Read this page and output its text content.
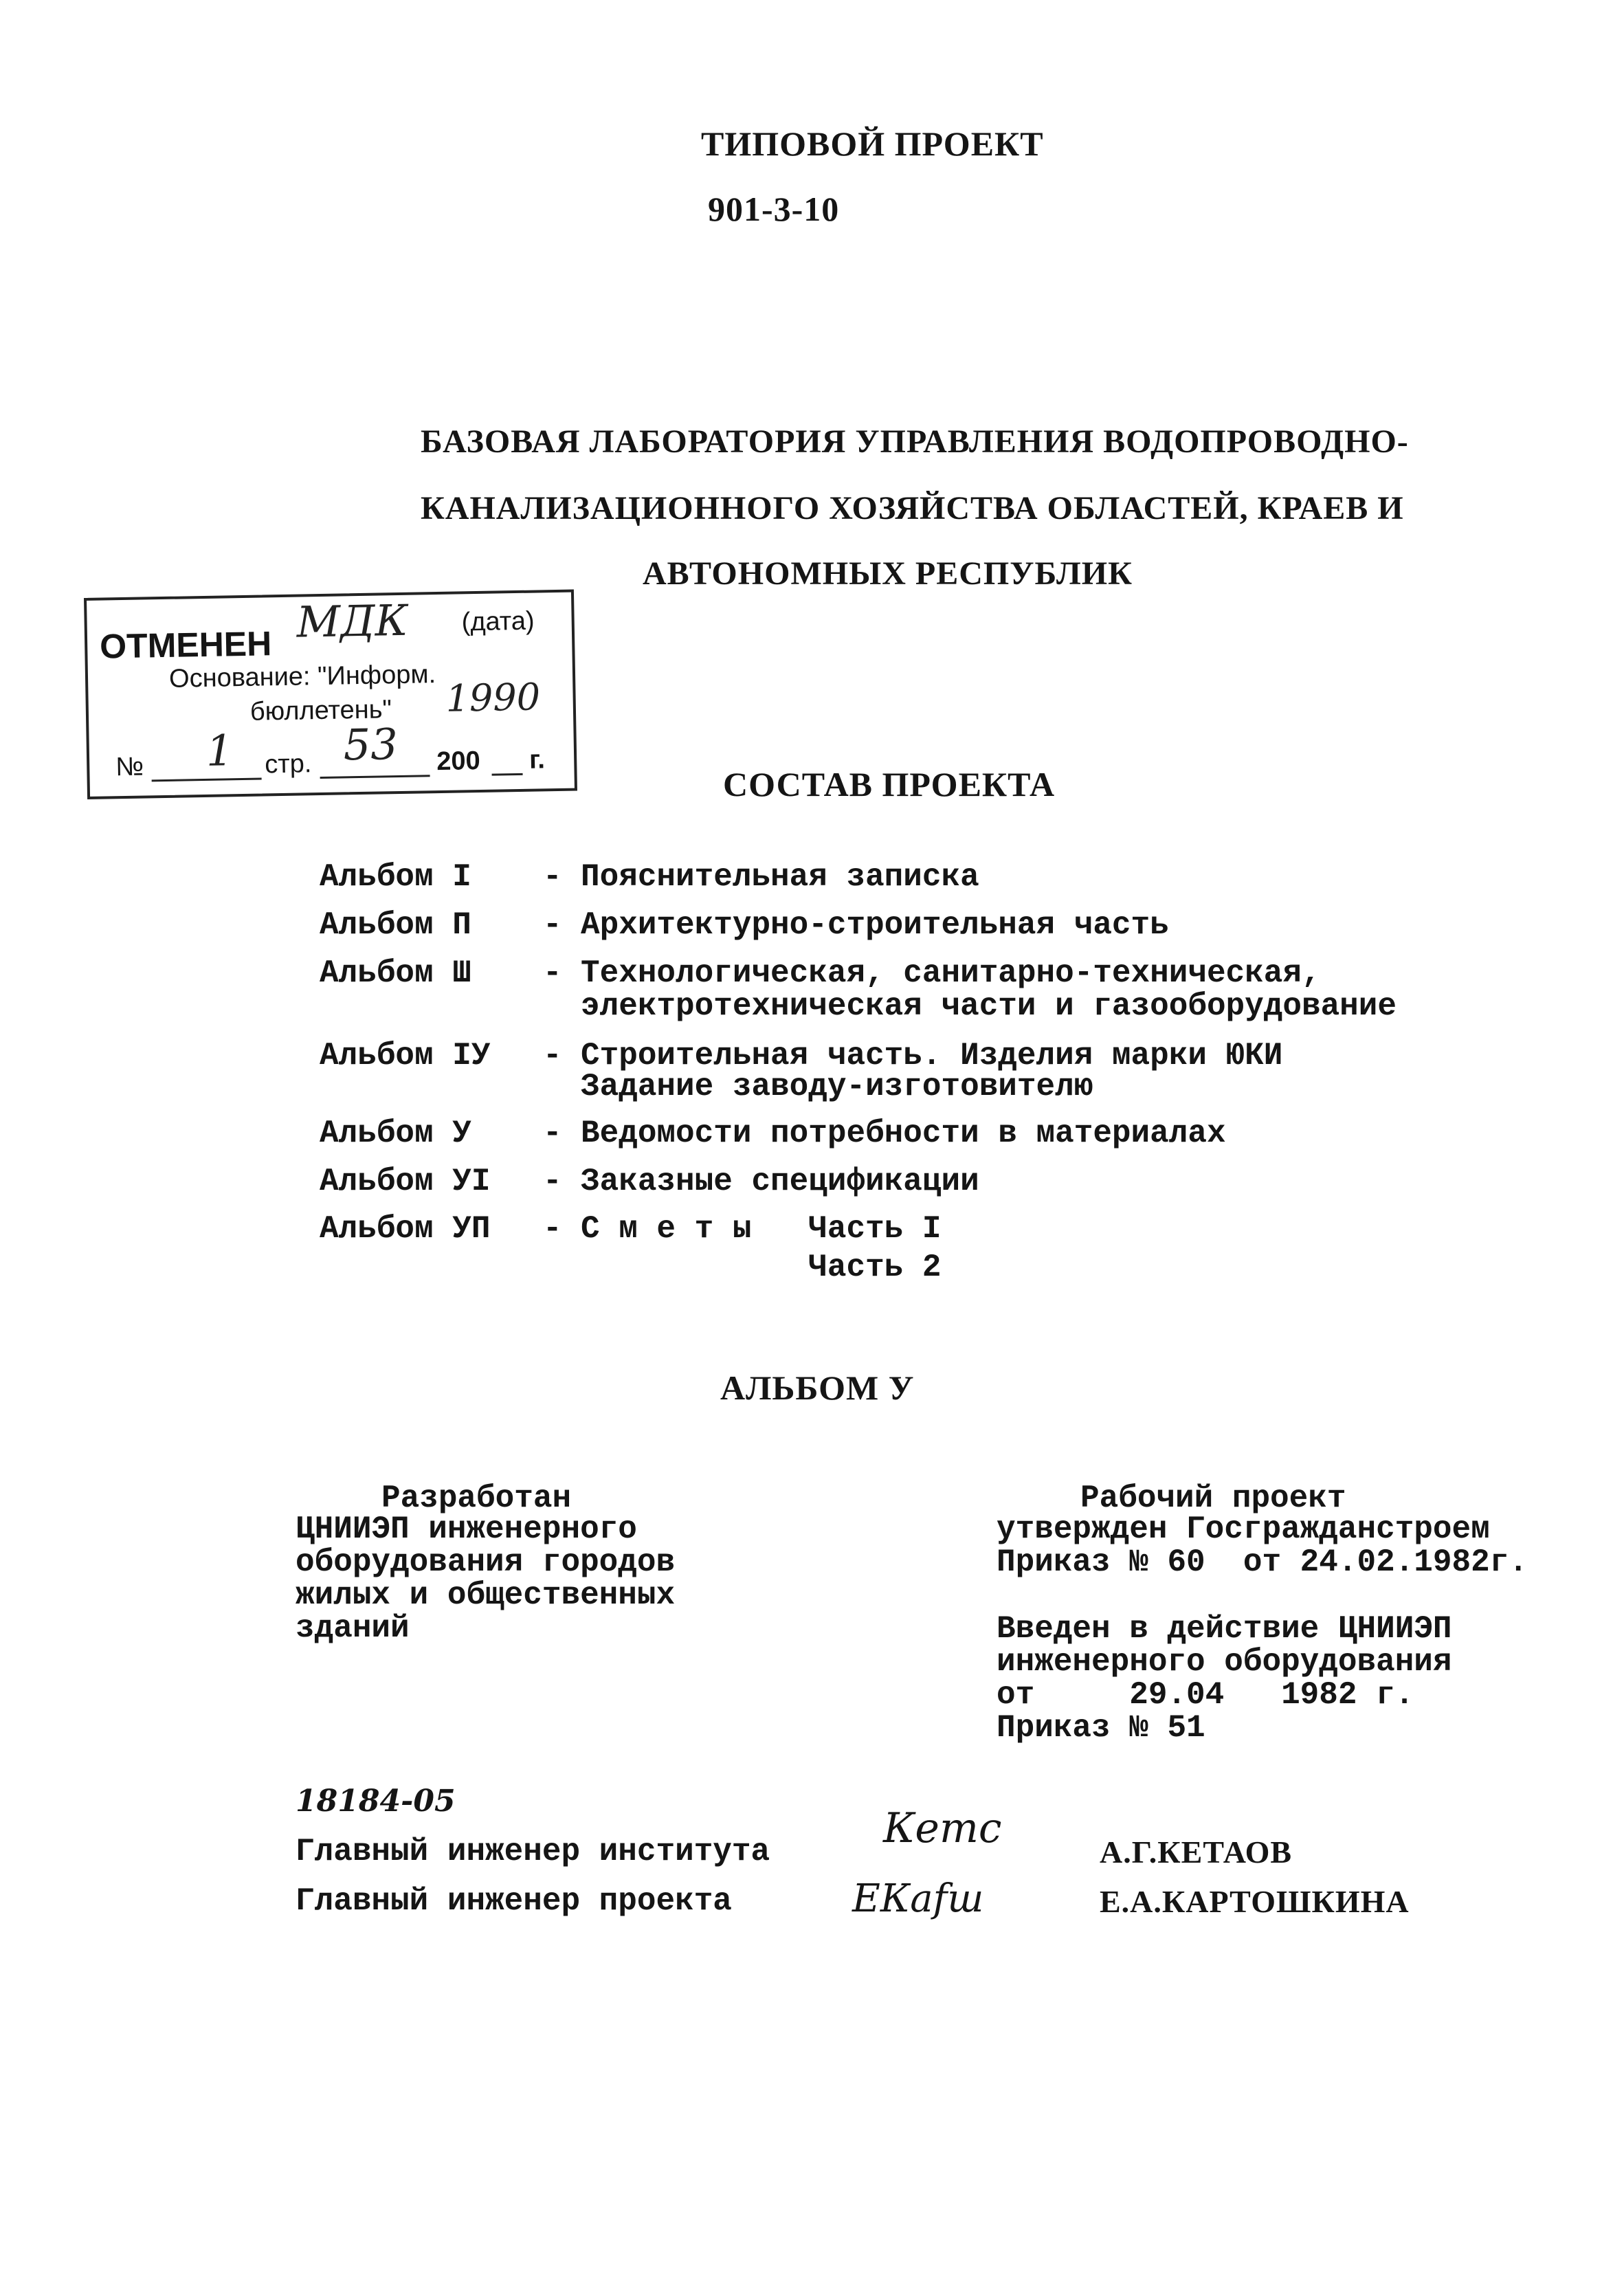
ТИПОВОЙ ПРОЕКТ
901-3-10
БАЗОВАЯ ЛАБОРАТОРИЯ УПРАВЛЕНИЯ ВОДОПРОВОДНО-
КАНАЛИЗАЦИОННОГО ХОЗЯЙСТВА ОБЛАСТЕЙ, КРАЕВ И
АВТОНОМНЫХ РЕСПУБЛИК
ОТМЕНЕН МДК (дата)
Основание: "Информ.
бюллетень" 1990
№ 1 стр. 53 200 г.
СОСТАВ ПРОЕКТА
Альбом I - Пояснительная записка
Альбом П - Архитектурно-строительная часть
Альбом Ш - Технологическая, санитарно-техническая,
электротехническая части и газооборудование
Альбом IУ - Строительная часть. Изделия марки ЮКИ
Задание заводу-изготовителю
Альбом У - Ведомости потребности в материалах
Альбом УI - Заказные спецификации
Альбом УП - С м е т ы   Часть I
Часть 2
АЛЬБОМ У
Разработан
ЦНИИЭП инженерного
оборудования городов
жилых и общественных
зданий
Рабочий проект
утвержден Госгражданстроем
Приказ № 60  от 24.02.1982г.
Введен в действие ЦНИИЭП
инженерного оборудования
от     29.04   1982 г.
Приказ № 51
18184-05
Главный инженер института	Кеmс	А.Г.КЕТАОВ
Главный инженер проекта	ЕКаfш	Е.А.КАРТОШКИНА
